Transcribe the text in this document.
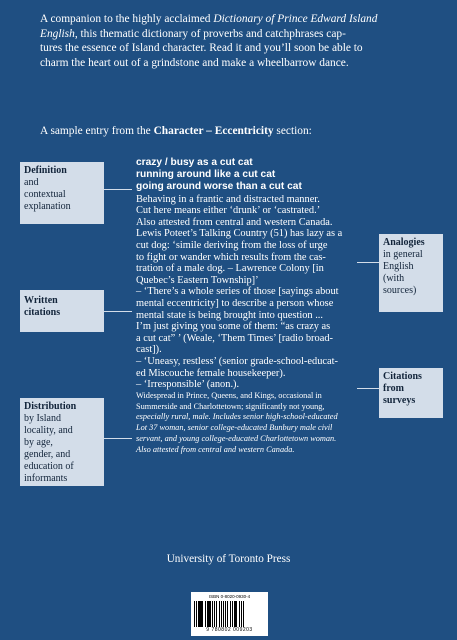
A companion to the highly acclaimed Dictionary of Prince Edward Island
English, this thematic dictionary of proverbs and catchphrases cap-
tures the essence of Island character. Read it and you’ll soon be able to
charm the heart out of a grindstone and make a wheelbarrow dance.
A sample entry from the Character – Eccentricity section:
Definition
and
contextual
explanation
Written
citations
Distribution
by Island
locality, and
by age,
gender, and
education of
informants
Analogies
in general
English
(with
sources)
Citations
from
surveys
crazy / busy as a cut cat
running around like a cut cat
going around worse than a cut cat
Behaving in a frantic and distracted manner.
Cut here means either ‘drunk’ or ‘castrated.’
Also attested from central and western Canada.
Lewis Poteet’s Talking Country (51) has lazy as a
cut dog: ‘simile deriving from the loss of urge
to fight or wander which results from the cas-
tration of a male dog. – Lawrence Colony [in
Quebec’s Eastern Township]’
– ‘There’s a whole series of those [sayings about
mental eccentricity] to describe a person whose
mental state is being brought into question ...
I’m just giving you some of them: “as crazy as
a cut cat” ’ (Weale, ‘Them Times’ [radio broad-
cast]).
– ‘Uneasy, restless’ (senior grade-school-educat-
ed Miscouche female housekeeper).
– ‘Irresponsible’ (anon.).
Widespread in Prince, Queens, and Kings, occasional in
Summerside and Charlottetown; significantly not young,
especially rural, male. Includes senior high-school-educated
Lot 37 woman, senior college-educated Bunbury male civil
servant, and young college-educated Charlottetown woman.
Also attested from central and western Canada.
University of Toronto Press
ISBN 0-8020-0930-4
9 780802 009203
